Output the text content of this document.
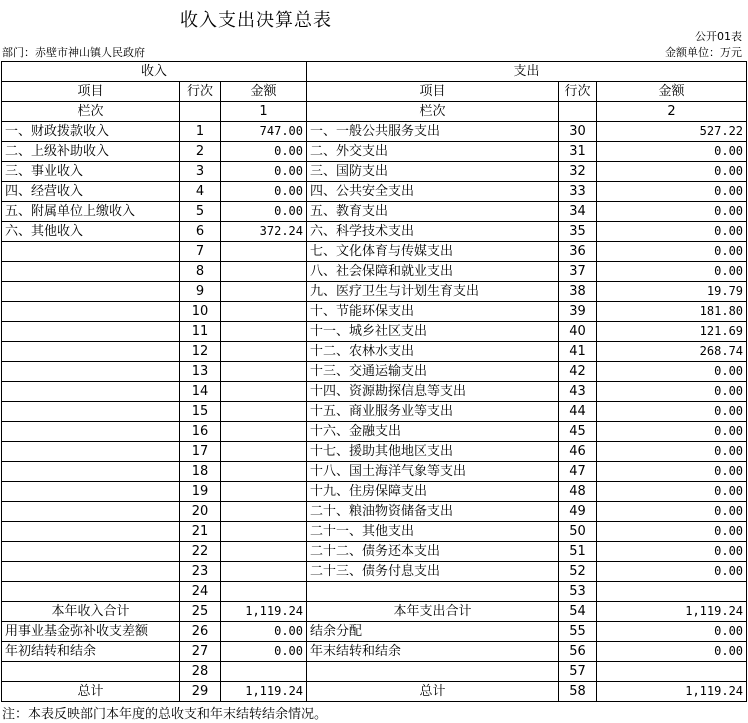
收入支出决算总表
公开01表
部门：赤壁市神山镇人民政府	金额单位：万元
收入			支出		
项目	行次	金额	项目	行次	金额
栏次		1	栏次		2
一、财政拨款收入	1	747.00	一、一般公共服务支出	30	527.22
二、上级补助收入	2	0.00	二、外交支出	31	0.00
三、事业收入	3	0.00	三、国防支出	32	0.00
四、经营收入	4	0.00	四、公共安全支出	33	0.00
五、附属单位上缴收入	5	0.00	五、教育支出	34	0.00
六、其他收入	6	372.24	六、科学技术支出	35	0.00
	7		七、文化体育与传媒支出	36	0.00
	8		八、社会保障和就业支出	37	0.00
	9		九、医疗卫生与计划生育支出	38	19.79
	10		十、节能环保支出	39	181.80
	11		十一、城乡社区支出	40	121.69
	12		十二、农林水支出	41	268.74
	13		十三、交通运输支出	42	0.00
	14		十四、资源勘探信息等支出	43	0.00
	15		十五、商业服务业等支出	44	0.00
	16		十六、金融支出	45	0.00
	17		十七、援助其他地区支出	46	0.00
	18		十八、国土海洋气象等支出	47	0.00
	19		十九、住房保障支出	48	0.00
	20		二十、粮油物资储备支出	49	0.00
	21		二十一、其他支出	50	0.00
	22		二十二、债务还本支出	51	0.00
	23		二十三、债务付息支出	52	0.00
	24			53	
本年收入合计	25	1,119.24	本年支出合计	54	1,119.24
用事业基金弥补收支差额	26	0.00	结余分配	55	0.00
年初结转和结余	27	0.00	年末结转和结余	56	0.00
	28			57	
总计	29	1,119.24	总计	58	1,119.24
注：本表反映部门本年度的总收支和年末结转结余情况。
